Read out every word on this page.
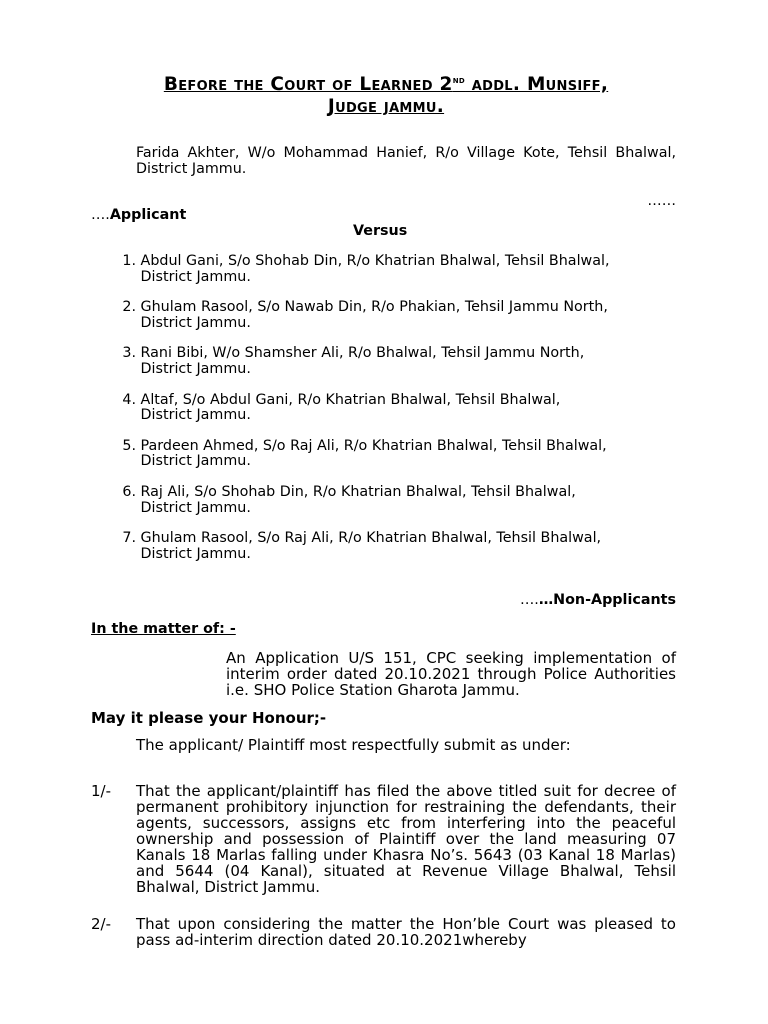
Before the Court of Learned 2nd addl. Munsiff,
Judge jammu.
Farida Akhter, W/o Mohammad Hanief, R/o Village Kote, Tehsil Bhalwal, District Jammu.
……
….Applicant
Versus
1.
Abdul Gani, S/o Shohab Din, R/o Khatrian Bhalwal, Tehsil Bhalwal,
District Jammu.
2.
Ghulam Rasool, S/o Nawab Din, R/o Phakian, Tehsil Jammu North,
District Jammu.
3.
Rani Bibi, W/o Shamsher Ali, R/o Bhalwal, Tehsil Jammu North,
District Jammu.
4.
Altaf, S/o Abdul Gani, R/o Khatrian Bhalwal, Tehsil Bhalwal,
District Jammu.
5.
Pardeen Ahmed, S/o Raj Ali, R/o Khatrian Bhalwal, Tehsil Bhalwal,
District Jammu.
6.
Raj Ali, S/o Shohab Din, R/o Khatrian Bhalwal, Tehsil Bhalwal,
District Jammu.
7.
Ghulam Rasool, S/o Raj Ali, R/o Khatrian Bhalwal, Tehsil Bhalwal,
District Jammu.
….…Non-Applicants
In the matter of: -
An Application U/S 151, CPC seeking implementation of interim order dated 20.10.2021 through Police Authorities i.e. SHO Police Station Gharota Jammu.
May it please your Honour;-
The applicant/ Plaintiff most respectfully submit as under:
1/-	That the applicant/plaintiff has filed the above titled suit for decree of permanent prohibitory injunction for restraining the defendants, their agents, successors, assigns etc from interfering into the peaceful ownership and possession of Plaintiff over the land measuring 07 Kanals 18 Marlas falling under Khasra No’s. 5643 (03 Kanal 18 Marlas) and 5644 (04 Kanal), situated at Revenue Village Bhalwal, Tehsil Bhalwal, District Jammu.
2/-	That upon considering the matter the Hon’ble Court was pleased to pass ad-interim direction dated 20.10.2021whereby
